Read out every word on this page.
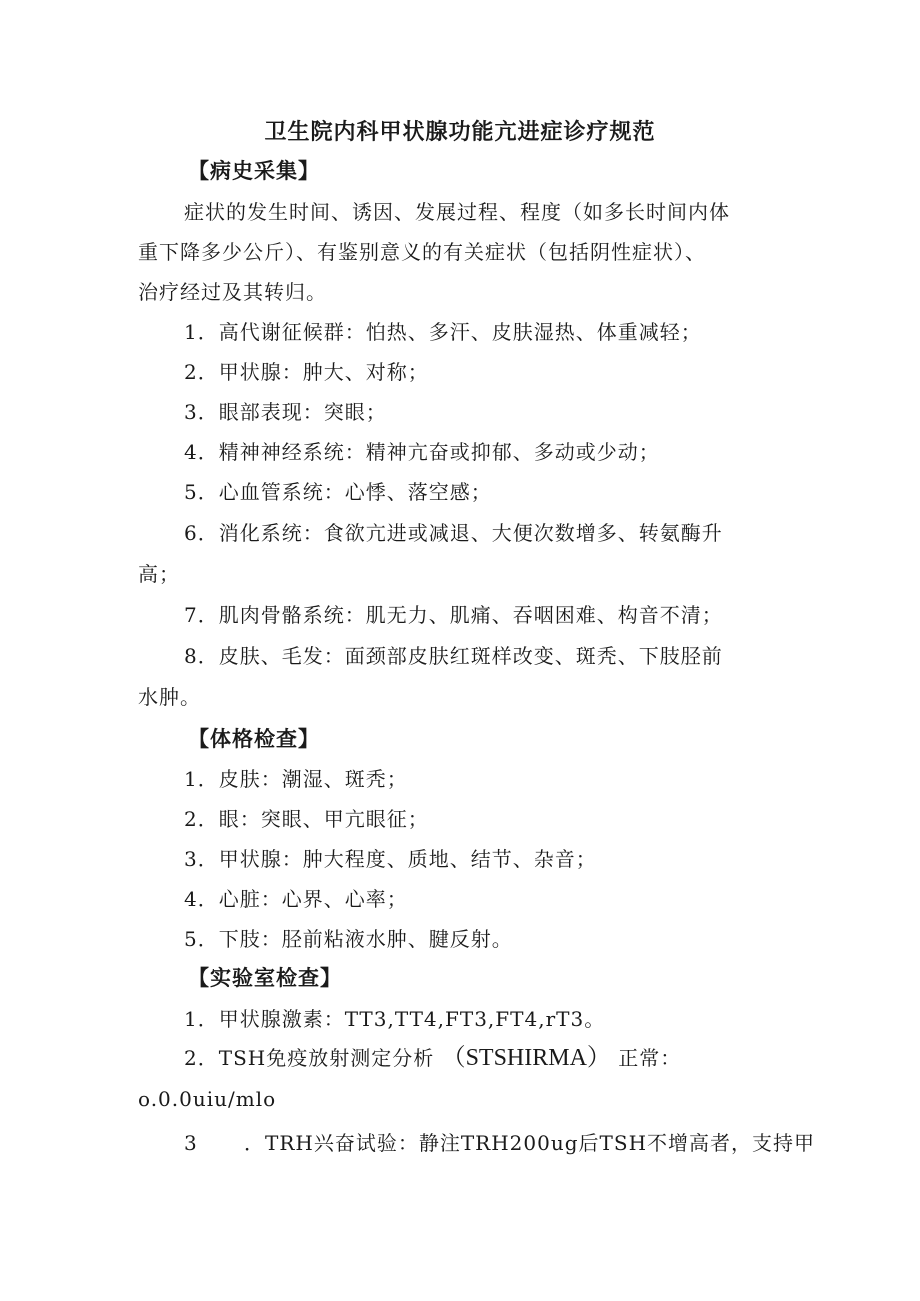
卫生院内科甲状腺功能亢进症诊疗规范
【病史采集】
症状的发生时间、诱因、发展过程、程度（如多长时间内体
重下降多少公斤）、有鉴别意义的有关症状（包括阴性症状）、
治疗经过及其转归。
1．高代谢征候群：怕热、多汗、皮肤湿热、体重减轻；
2．甲状腺：肿大、对称；
3．眼部表现：突眼；
4．精神神经系统：精神亢奋或抑郁、多动或少动；
5．心血管系统：心悸、落空感；
6．消化系统：食欲亢进或减退、大便次数增多、转氨酶升
高；
7．肌肉骨骼系统：肌无力、肌痛、吞咽困难、构音不清；
8．皮肤、毛发：面颈部皮肤红斑样改变、斑秃、下肢胫前
水肿。
【体格检查】
1．皮肤：潮湿、斑秃；
2．眼：突眼、甲亢眼征；
3．甲状腺：肿大程度、质地、结节、杂音；
4．心脏：心界、心率；
5．下肢：胫前粘液水肿、腱反射。
【实验室检查】
1．甲状腺激素：TT3,TT4,FT3,FT4,rT3。
2．TSH免疫放射测定分析 （STSHIRMA） 正常：
o.0.0uiu/mlo
3 ．TRH兴奋试验：静注TRH200ug后TSH不增高者，支持甲
